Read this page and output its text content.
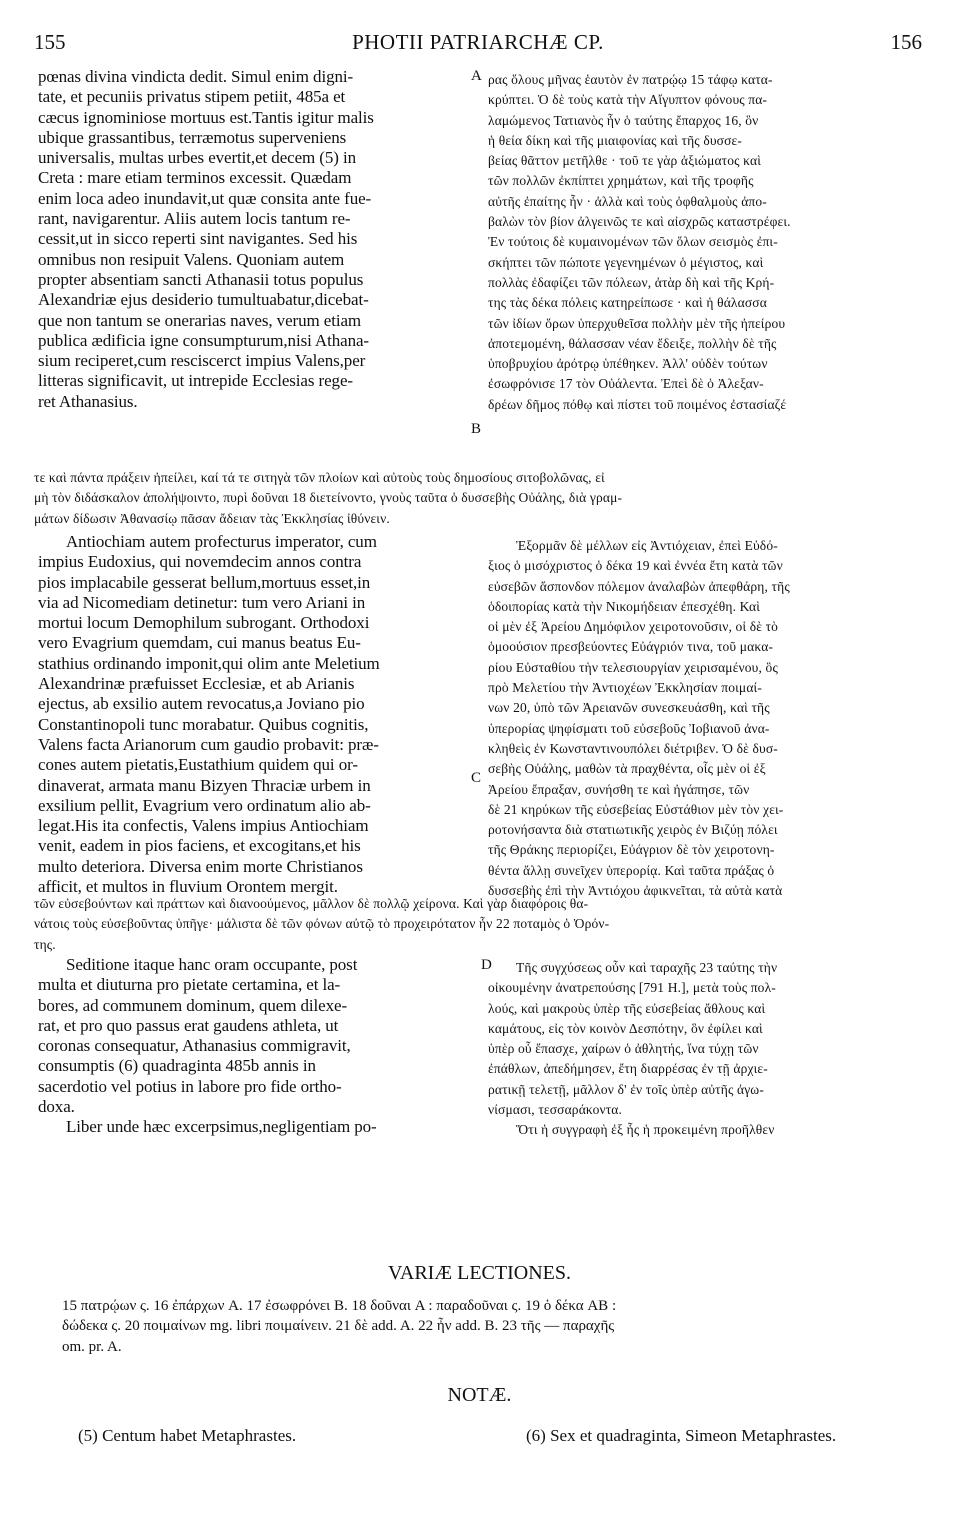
155	PHOTII PATRIARCHÆ CP.	156
pœnas divina vindicta dedit. Simul enim digni-
tate, et pecuniis privatus stipem petiit, 485a et
cæcus ignominiose mortuus est.Tantis igitur malis
ubique grassantibus, terræmotus superveniens
universalis, multas urbes evertit,et decem (5) in
Creta : mare etiam terminos excessit. Quædam
enim loca adeo inundavit,ut quæ consita ante fue-
rant, navigarentur. Aliis autem locis tantum re-
cessit,ut in sicco reperti sint navigantes. Sed his
omnibus non resipuit Valens. Quoniam autem
propter absentiam sancti Athanasii totus populus
Alexandriæ ejus desiderio tumultuabatur,dicebat-
que non tantum se onerarias naves, verum etiam
publica ædificia igne consumpturum,nisi Athana-
sium reciperet,cum resciscerct impius Valens,per
litteras significavit, ut intrepide Ecclesias rege-
ret Athanasius.
ρας ὅλους μῆνας ἑαυτὸν ἐν πατρῴῳ 15 τάφῳ κατα-
κρύπτει. Ὁ δὲ τοὺς κατὰ τὴν Αἴγυπτον φόνους πα-
λαμώμενος Τατιανὸς ἦν ὁ ταύτης ἔπαρχος 16, ὃν
ἡ θεία δίκη καὶ τῆς μιαιφονίας καὶ τῆς δυσσε-
βείας θᾶττον μετῆλθε · τοῦ τε γὰρ ἀξιώματος καὶ
τῶν πολλῶν ἐκπίπτει χρημάτων, καὶ τῆς τροφῆς
αὐτῆς ἐπαίτης ἦν · ἀλλὰ καὶ τοὺς ὀφθαλμοὺς ἀπο-
βαλὼν τὸν βίον ἀλγεινῶς τε καὶ αἰσχρῶς καταστρέφει.
Ἐν τούτοις δὲ κυμαινομένων τῶν ὅλων σεισμὸς ἐπι-
σκήπτει τῶν πώποτε γεγενημένων ὁ μέγιστος, καὶ
πολλὰς ἐδαφίζει τῶν πόλεων, ἀτὰρ δὴ καὶ τῆς Κρή-
της τὰς δέκα πόλεις κατηρείπωσε · καὶ ἡ θάλασσα
τῶν ἰδίων ὅρων ὑπερχυθεῖσα πολλὴν μὲν τῆς ἠπείρου
ἀποτεμομένη, θάλασσαν νέαν ἔδειξε, πολλὴν δὲ τῆς
ὑποβρυχίου ἀρότρῳ ὑπέθηκεν. Ἀλλ' οὐδὲν τούτων
ἐσωφρόνισε 17 τὸν Οὐάλεντα. Ἐπεὶ δὲ ὁ Ἀλεξαν-
δρέων δῆμος πόθῳ καὶ πίστει τοῦ ποιμένος ἐστασίαζέ
A
B
τε καὶ πάντα πράξειν ἠπείλει, καί τά τε σιτηγὰ τῶν πλοίων καὶ αὐτοὺς τοὺς δημοσίους σιτοβολῶνας, εἰ
μὴ τὸν διδάσκαλον ἀπολήψοιντο, πυρὶ δοῦναι 18 διετείνοντο, γνοὺς ταῦτα ὁ δυσσεβὴς Οὐάλης, διὰ γραμ-
μάτων δίδωσιν Ἀθανασίῳ πᾶσαν ἄδειαν τὰς Ἐκκλησίας ἰθύνειν.
Antiochiam autem profecturus imperator, cum
impius Eudoxius, qui novemdecim annos contra
pios implacabile gesserat bellum,mortuus esset,in
via ad Nicomediam detinetur: tum vero Ariani in
mortui locum Demophilum subrogant. Orthodoxi
vero Evagrium quemdam, cui manus beatus Eu-
stathius ordinando imponit,qui olim ante Meletium
Alexandrinæ præfuisset Ecclesiæ, et ab Arianis
ejectus, ab exsilio autem revocatus,a Joviano pio
Constantinopoli tunc morabatur. Quibus cognitis,
Valens facta Arianorum cum gaudio probavit: præ-
cones autem pietatis,Eustathium quidem qui or-
dinaverat, armata manu Bizyen Thraciæ urbem in
exsilium pellit, Evagrium vero ordinatum alio ab-
legat.His ita confectis, Valens impius Antiochiam
venit, eadem in pios faciens, et excogitans,et his
multo deteriora. Diversa enim morte Christianos
afficit, et multos in fluvium Orontem mergit.
Ἐξορμᾶν δὲ μέλλων εἰς Ἀντιόχειαν, ἐπεὶ Εὐδό-
ξιος ὁ μισόχριστος ὁ δέκα 19 καὶ ἐννέα ἔτη κατὰ τῶν
εὐσεβῶν ἄσπονδον πόλεμον ἀναλαβὼν ἀπεφθάρη, τῆς
ὁδοιπορίας κατὰ τὴν Νικομήδειαν ἐπεσχέθη. Καὶ
οἱ μὲν ἐξ Ἀρείου Δημόφιλον χειροτονοῦσιν, οἱ δὲ τὸ
ὁμοούσιον πρεσβεύοντες Εὐάγριόν τινα, τοῦ μακα-
ρίου Εὐσταθίου τὴν τελεσιουργίαν χειρισαμένου, ὃς
πρὸ Μελετίου τὴν Ἀντιοχέων Ἐκκλησίαν ποιμαί-
νων 20, ὑπὸ τῶν Ἀρειανῶν συνεσκευάσθη, καὶ τῆς
ὑπερορίας ψηφίσματι τοῦ εὐσεβοῦς Ἰοβιανοῦ ἀνα-
κληθεὶς ἐν Κωνσταντινουπόλει διέτριβεν. Ὁ δὲ δυσ-
σεβὴς Οὐάλης, μαθὼν τὰ πραχθέντα, οἷς μὲν οἱ ἐξ
Ἀρείου ἔπραξαν, συνήσθη τε καὶ ἠγάπησε, τῶν
δὲ 21 κηρύκων τῆς εὐσεβείας Εὐστάθιον μὲν τὸν χει-
ροτονήσαντα διὰ στατιωτικῆς χειρὸς ἐν Βιζύῃ πόλει
τῆς Θράκης περιορίζει, Εὐάγριον δὲ τὸν χειροτονη-
θέντα ἄλλῃ συνεῖχεν ὑπερορίᾳ. Καὶ ταῦτα πράξας ὁ
δυσσεβὴς ἐπὶ τὴν Ἀντιόχου ἀφικνεῖται, τὰ αὐτὰ κατὰ
C
τῶν εὐσεβούντων καὶ πράττων καὶ διανοούμενος, μᾶλλον δὲ πολλῷ χείρονα. Καὶ γὰρ διαφόροις θα-
νάτοις τοὺς εὐσεβοῦντας ὑπῆγε· μάλιστα δὲ τῶν φόνων αὐτῷ τὸ προχειρότατον ἦν 22 ποταμὸς ὁ Ὀρόν-
της.
Seditione itaque hanc oram occupante, post
multa et diuturna pro pietate certamina, et la-
bores, ad communem dominum, quem dilexe-
rat, et pro quo passus erat gaudens athleta, ut
coronas consequatur, Athanasius commigravit,
consumptis (6) quadraginta 485b annis in
sacerdotio vel potius in labore pro fide ortho-
doxa.
Liber unde hæc excerpsimus,negligentiam po-
Τῆς συγχύσεως οὖν καὶ ταραχῆς 23 ταύτης τὴν
οἰκουμένην ἀνατρεπούσης [791 H.], μετὰ τοὺς πολ-
λούς, καὶ μακροὺς ὑπὲρ τῆς εὐσεβείας ἄθλους καὶ
καμάτους, εἰς τὸν κοινὸν Δεσπότην, ὃν ἐφίλει καὶ
ὑπὲρ οὗ ἔπασχε, χαίρων ὁ ἀθλητής, ἵνα τύχῃ τῶν
ἐπάθλων, ἀπεδήμησεν, ἔτη διαρρέσας ἐν τῇ ἀρχιε-
ρατικῇ τελετῇ, μᾶλλον δ' ἐν τοῖς ὑπὲρ αὐτῆς ἀγω-
νίσμασι, τεσσαράκοντα.
Ὅτι ἡ συγγραφὴ ἐξ ἧς ἡ προκειμένη προῆλθεν
D
VARIÆ LECTIONES.
15 πατρῴων ς. 16 ἐπάρχων A. 17 ἐσωφρόνει B. 18 δοῦναι A : παραδοῦναι ς. 19 ὁ δέκα AB :
δώδεκα ς. 20 ποιμαίνων mg. libri ποιμαίνειν. 21 δὲ add. A. 22 ἦν add. B. 23 τῆς — παραχῆς
om. pr. A.
NOTÆ.
(5) Centum habet Metaphrastes.	(6) Sex et quadraginta, Simeon Metaphrastes.
